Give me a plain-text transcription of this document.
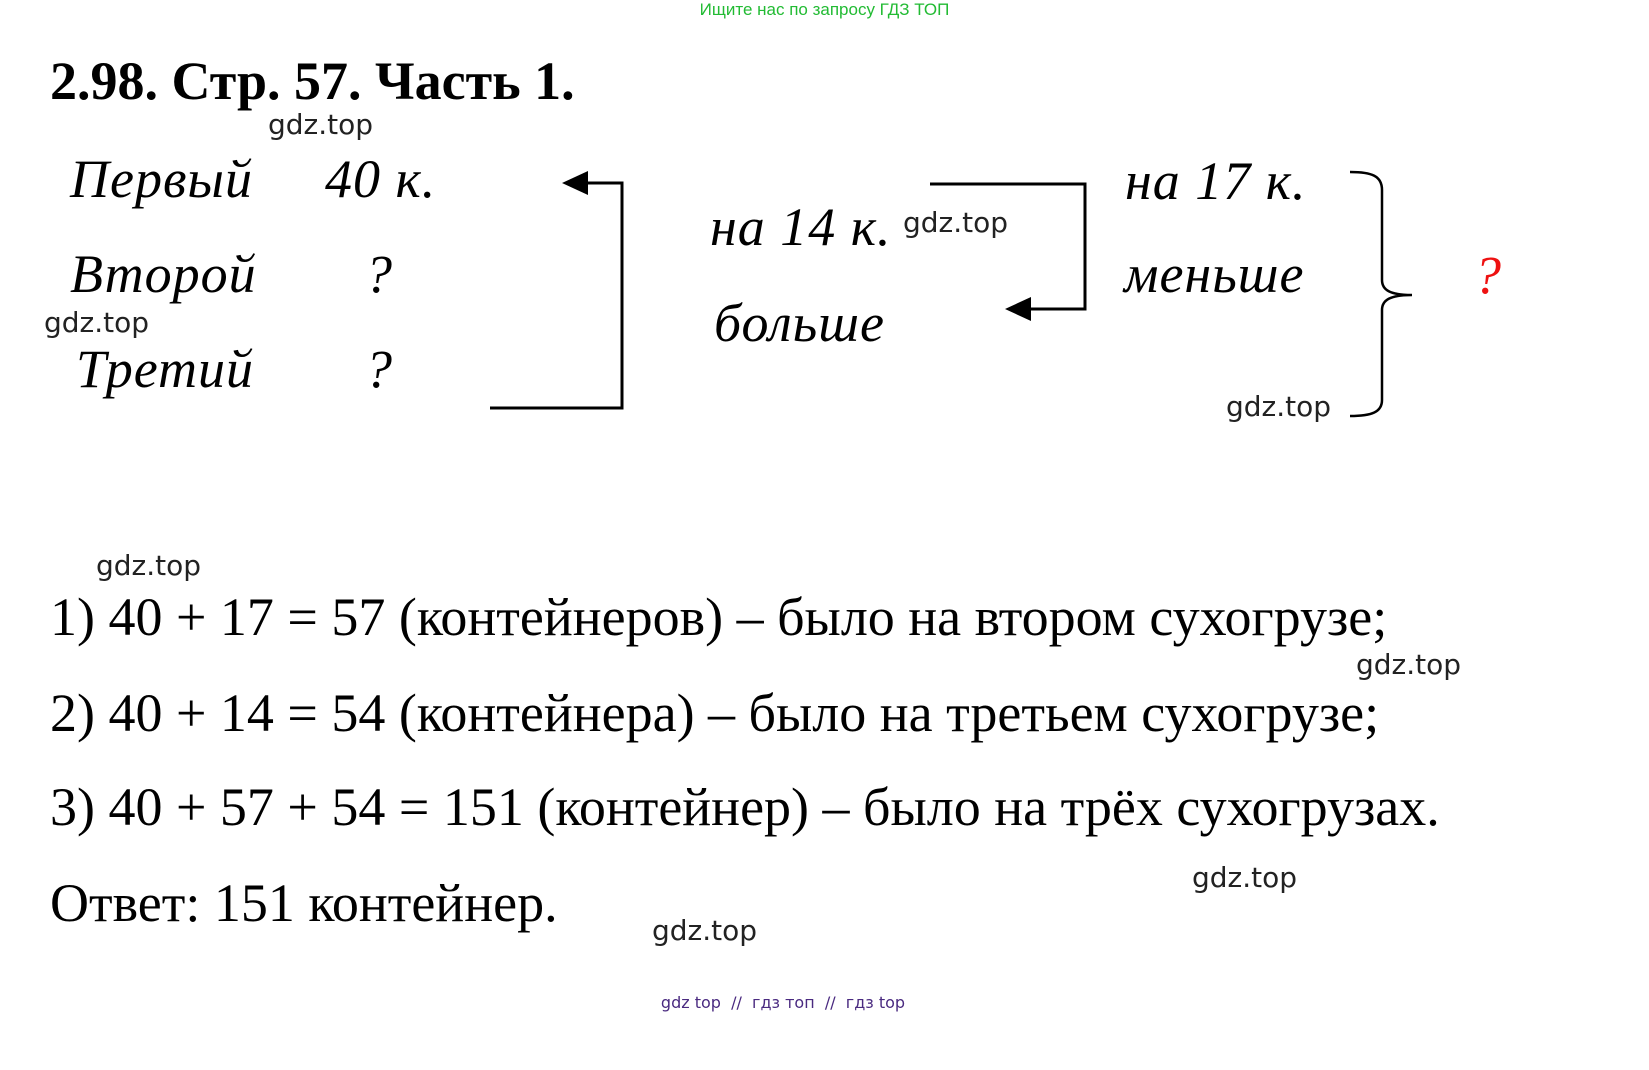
Ищите нас по запросу ГДЗ ТОП
2.98. Стр. 57. Часть 1.
gdz.top
gdz.top
gdz.top
gdz.top
gdz.top
gdz.top
gdz.top
gdz.top
Первый 40 к.
Второй ?
Третий ?
на 14 к.
больше
на 17 к.
меньше	?
1) 40 + 17 = 57 (контейнеров) – было на втором сухогрузе;
2) 40 + 14 = 54 (контейнера) – было на третьем сухогрузе;
3) 40 + 57 + 54 = 151 (контейнер) – было на трёх сухогрузах.
Ответ: 151 контейнер.
gdz top  //  гдз топ  //  гдз top
